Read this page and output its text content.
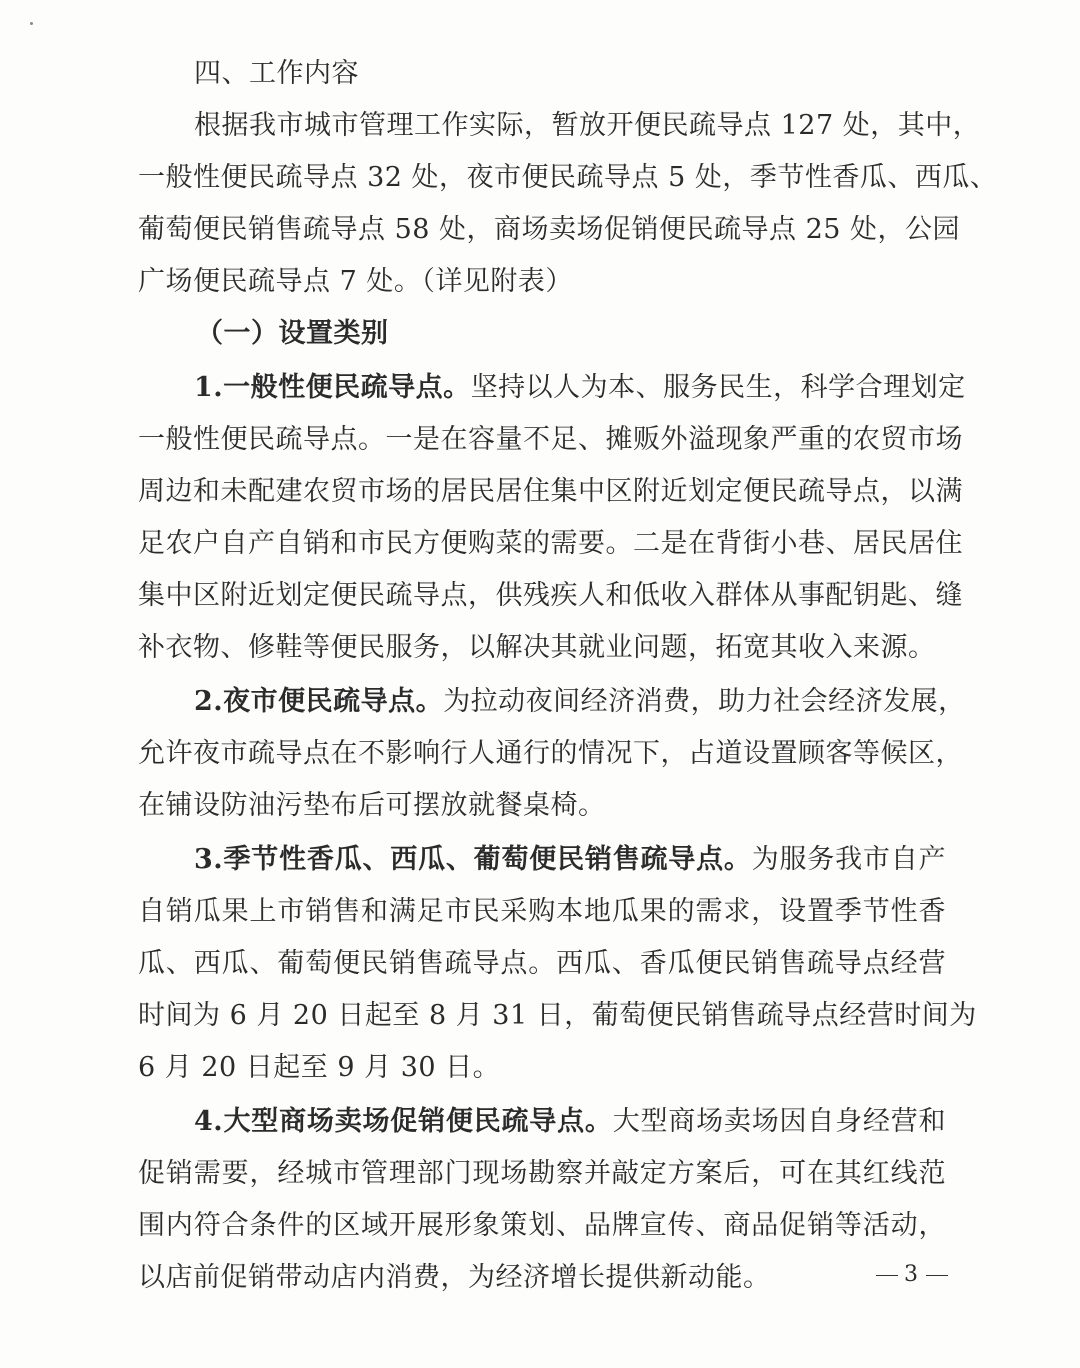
四、工作内容
根据我市城市管理工作实际，暂放开便民疏导点 127 处，其中，
一般性便民疏导点 32 处，夜市便民疏导点 5 处，季节性香瓜、西瓜、
葡萄便民销售疏导点 58 处，商场卖场促销便民疏导点 25 处，公园
广场便民疏导点 7 处。（详见附表）
（一）设置类别
1.一般性便民疏导点。坚持以人为本、服务民生，科学合理划定
一般性便民疏导点。一是在容量不足、摊贩外溢现象严重的农贸市场
周边和未配建农贸市场的居民居住集中区附近划定便民疏导点，以满
足农户自产自销和市民方便购菜的需要。二是在背街小巷、居民居住
集中区附近划定便民疏导点，供残疾人和低收入群体从事配钥匙、缝
补衣物、修鞋等便民服务，以解决其就业问题，拓宽其收入来源。
2.夜市便民疏导点。为拉动夜间经济消费，助力社会经济发展，
允许夜市疏导点在不影响行人通行的情况下，占道设置顾客等候区，
在铺设防油污垫布后可摆放就餐桌椅。
3.季节性香瓜、西瓜、葡萄便民销售疏导点。为服务我市自产
自销瓜果上市销售和满足市民采购本地瓜果的需求，设置季节性香
瓜、西瓜、葡萄便民销售疏导点。西瓜、香瓜便民销售疏导点经营
时间为 6 月 20 日起至 8 月 31 日，葡萄便民销售疏导点经营时间为
6 月 20 日起至 9 月 30 日。
4.大型商场卖场促销便民疏导点。大型商场卖场因自身经营和
促销需要，经城市管理部门现场勘察并敲定方案后，可在其红线范
围内符合条件的区域开展形象策划、品牌宣传、商品促销等活动，
以店前促销带动店内消费，为经济增长提供新动能。	3
